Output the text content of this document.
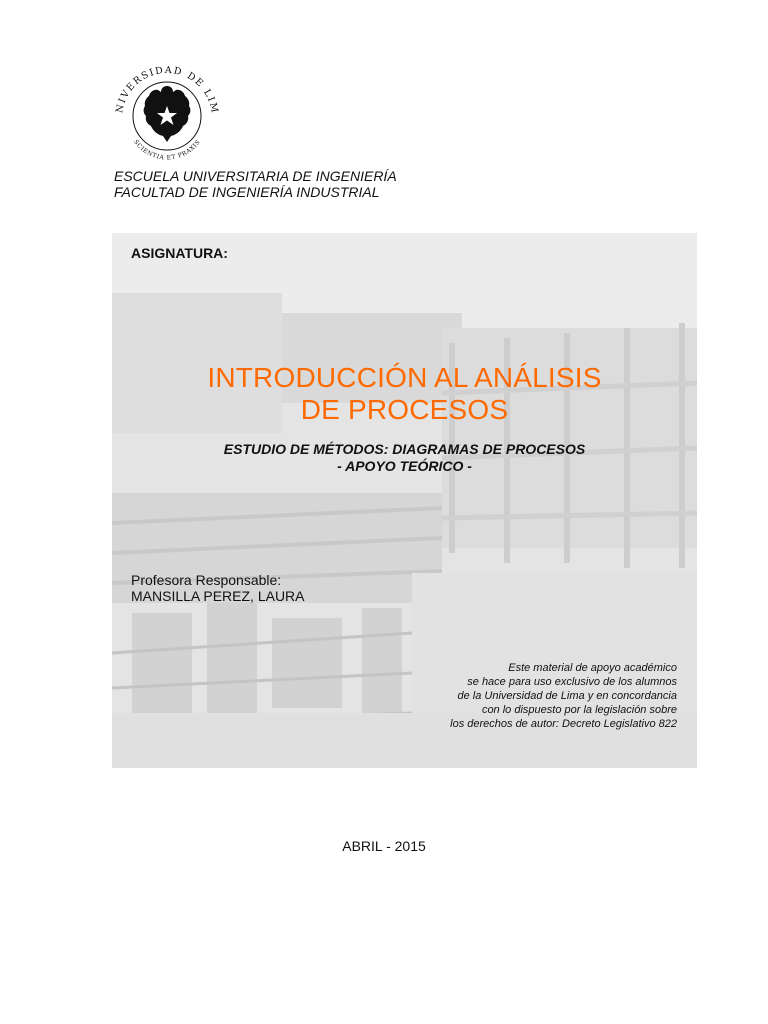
NIVERSIDAD DE LIM
SCIENTIA ET PRAXIS
ESCUELA UNIVERSITARIA DE INGENIERÍA
FACULTAD DE INGENIERÍA INDUSTRIAL
ASIGNATURA:
INTRODUCCIÓN AL ANÁLISIS
DE PROCESOS
ESTUDIO DE MÉTODOS: DIAGRAMAS DE PROCESOS
- APOYO TEÓRICO -
Profesora Responsable:
MANSILLA PEREZ, LAURA
Este material de apoyo académico
se hace para uso exclusivo de los alumnos
de la Universidad de Lima y en concordancia
con lo dispuesto por la legislación sobre
los derechos de autor: Decreto Legislativo 822
ABRIL - 2015
